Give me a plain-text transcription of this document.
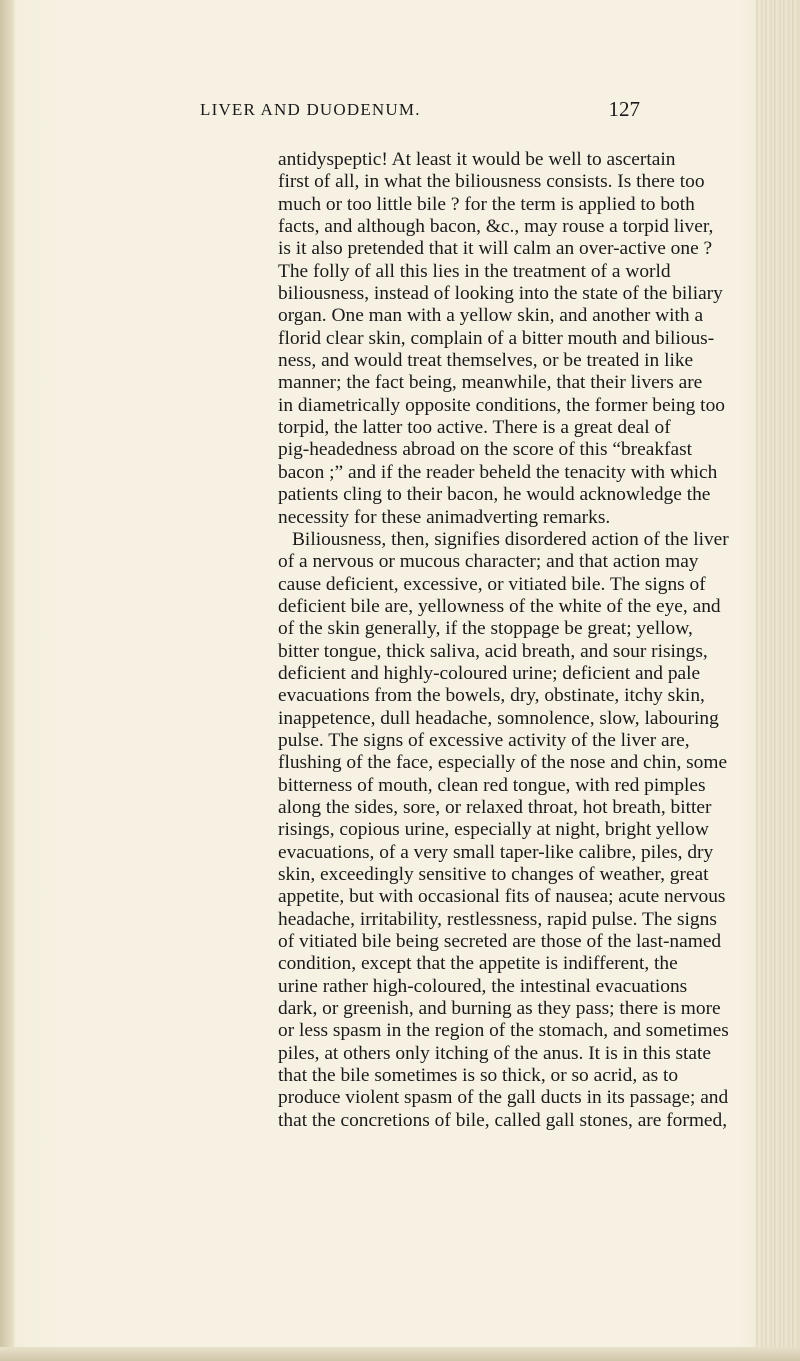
LIVER AND DUODENUM.	127
antidyspeptic! At least it would be well to ascertain
first of all, in what the biliousness consists. Is there too
much or too little bile ? for the term is applied to both
facts, and although bacon, &c., may rouse a torpid liver,
is it also pretended that it will calm an over-active one ?
The folly of all this lies in the treatment of a world
biliousness, instead of looking into the state of the biliary
organ. One man with a yellow skin, and another with a
florid clear skin, complain of a bitter mouth and bilious-
ness, and would treat themselves, or be treated in like
manner; the fact being, meanwhile, that their livers are
in diametrically opposite conditions, the former being too
torpid, the latter too active. There is a great deal of
pig-headedness abroad on the score of this “breakfast
bacon ;” and if the reader beheld the tenacity with which
patients cling to their bacon, he would acknowledge the
necessity for these animadverting remarks.
Biliousness, then, signifies disordered action of the liver
of a nervous or mucous character; and that action may
cause deficient, excessive, or vitiated bile. The signs of
deficient bile are, yellowness of the white of the eye, and
of the skin generally, if the stoppage be great; yellow,
bitter tongue, thick saliva, acid breath, and sour risings,
deficient and highly-coloured urine; deficient and pale
evacuations from the bowels, dry, obstinate, itchy skin,
inappetence, dull headache, somnolence, slow, labouring
pulse. The signs of excessive activity of the liver are,
flushing of the face, especially of the nose and chin, some
bitterness of mouth, clean red tongue, with red pimples
along the sides, sore, or relaxed throat, hot breath, bitter
risings, copious urine, especially at night, bright yellow
evacuations, of a very small taper-like calibre, piles, dry
skin, exceedingly sensitive to changes of weather, great
appetite, but with occasional fits of nausea; acute nervous
headache, irritability, restlessness, rapid pulse. The signs
of vitiated bile being secreted are those of the last-named
condition, except that the appetite is indifferent, the
urine rather high-coloured, the intestinal evacuations
dark, or greenish, and burning as they pass; there is more
or less spasm in the region of the stomach, and sometimes
piles, at others only itching of the anus. It is in this state
that the bile sometimes is so thick, or so acrid, as to
produce violent spasm of the gall ducts in its passage; and
that the concretions of bile, called gall stones, are formed,
